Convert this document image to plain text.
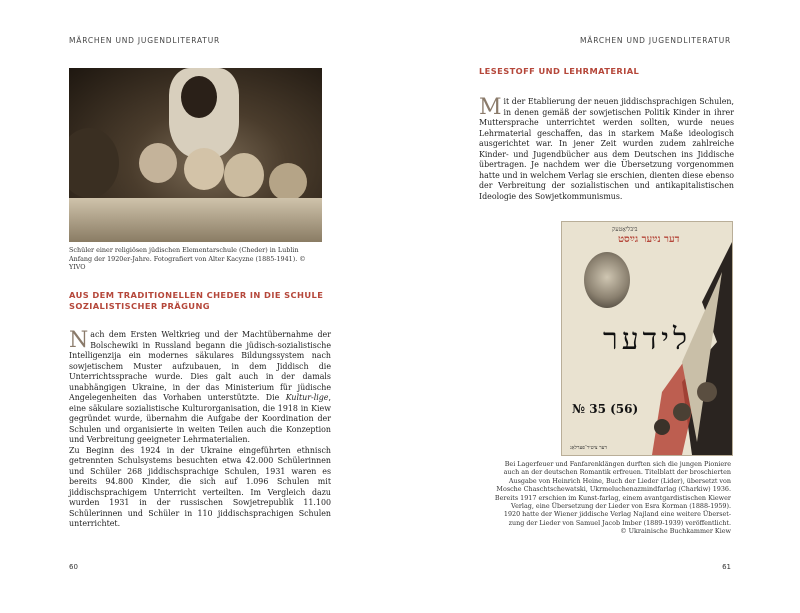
MÄRCHEN UND JUGENDLITERATUR
Schüler einer religiösen jüdischen Elementarschule (Cheder) in Lublin Anfang der 1920er-Jahre. Fotografiert von Alter Kacyzne (1885-1941). © YIVO
AUS DEM TRADITIONELLEN CHEDER IN DIE SCHULE SOZIALISTISCHER PRÄGUNG

Nach dem Ersten Weltkrieg und der Machtübernahme der Bolschewiki in Russland begann die jüdisch-sozialistische Intelligenzija ein modernes säkulares Bildungssystem nach sowjetischem Muster aufzubauen, in dem Jiddisch die Unterrichtssprache wurde. Dies galt auch in der damals unabhängigen Ukraine, in der das Ministerium für jüdische Angelegenheiten das Vorhaben unterstützte. Die Kultur-lige, eine säkulare sozialistische Kulturorganisation, die 1918 in Kiew gegründet wurde, übernahm die Aufgabe der Koordination der Schulen und organisierte in weiten Teilen auch die Konzeption und Verbreitung geeigneter Lehrmaterialien.

Zu Beginn des 1924 in der Ukraine eingeführten ethnisch getrennten Schulsystems besuchten etwa 42.000 Schülerinnen und Schüler 268 jiddischsprachige Schulen, 1931 waren es bereits 94.800 Kinder, die sich auf 1.096 Schulen mit jiddischsprachigem Unterricht verteilten. Im Vergleich dazu wurden 1931 in der russischen Sowjetrepublik 11.100 Schülerinnen und Schüler in 110 jiddischsprachigen Schulen unterrichtet.

60
MÄRCHEN UND JUGENDLITERATUR
LESESTOFF UND LEHRMATERIAL

Mit der Etablierung der neuen jiddischsprachigen Schulen, in denen gemäß der sowjetischen Politik Kinder in ihrer Muttersprache unterrichtet werden sollten, wurde neues Lehrmaterial geschaffen, das in starkem Maße ideologisch ausgerichtet war. In jener Zeit wurden zudem zahlreiche Kinder- und Jugendbücher aus dem Deutschen ins Jiddische übertragen. Je nachdem wer die Übersetzung vorgenommen hatte und in welchem Verlag sie erschien, dienten diese ebenso der Verbreitung der sozialistischen und antikapitalistischen Ideologie des Sowjetkommunismus.

61
בּיבּליאָטעק
דער נײַער גײַסט
לידער
№ 35 (56)
דער ציטיר־פערלאַג
Bei Lagerfeuer und Fanfarenklängen durften sich die jungen Pioniere
auch an der deutschen Romantik erfreuen. Titelblatt der broschierten
Ausgabe von Heinrich Heine, Buch der Lieder (Lider), übersetzt von
Mosche Chaschtschewatski, Ukrmeluchenazmindfarlag (Charkiw) 1936.
Bereits 1917 erschien im Kunst-farlag, einem avantgardistischen Kiewer
Verlag, eine Übersetzung der Lieder von Esra Korman (1888-1959).
1920 hatte der Wiener jiddische Verlag Najland eine weitere Überset-
zung der Lieder von Samuel Jacob Imber (1889-1939) veröffentlicht.
© Ukrainische Buchkammer Kiew
